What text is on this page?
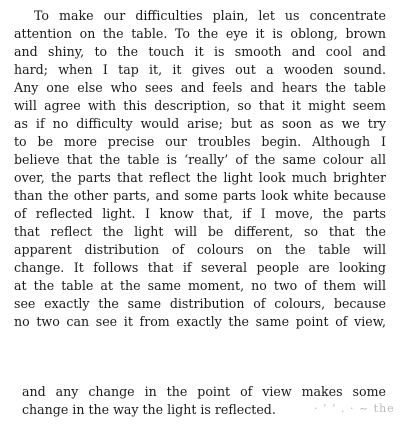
To make our difficulties plain, let us concentrate
attention on the table. To the eye it is oblong, brown
and shiny, to the touch it is smooth and cool and
hard; when I tap it, it gives out a wooden sound.
Any one else who sees and feels and hears the table
will agree with this description, so that it might seem
as if no difficulty would arise; but as soon as we try
to be more precise our troubles begin. Although I
believe that the table is ‘really’ of the same colour all
over, the parts that reflect the light look much brighter
than the other parts, and some parts look white because
of reflected light. I know that, if I move, the parts
that reflect the light will be different, so that the
apparent distribution of colours on the table will
change. It follows that if several people are looking
at the table at the same moment, no two of them will
see exactly the same distribution of colours, because
no two can see it from exactly the same point of view,
and any change in the point of view makes some
change in the way the light is reflected.	· ’ ‘ . · ~ the
